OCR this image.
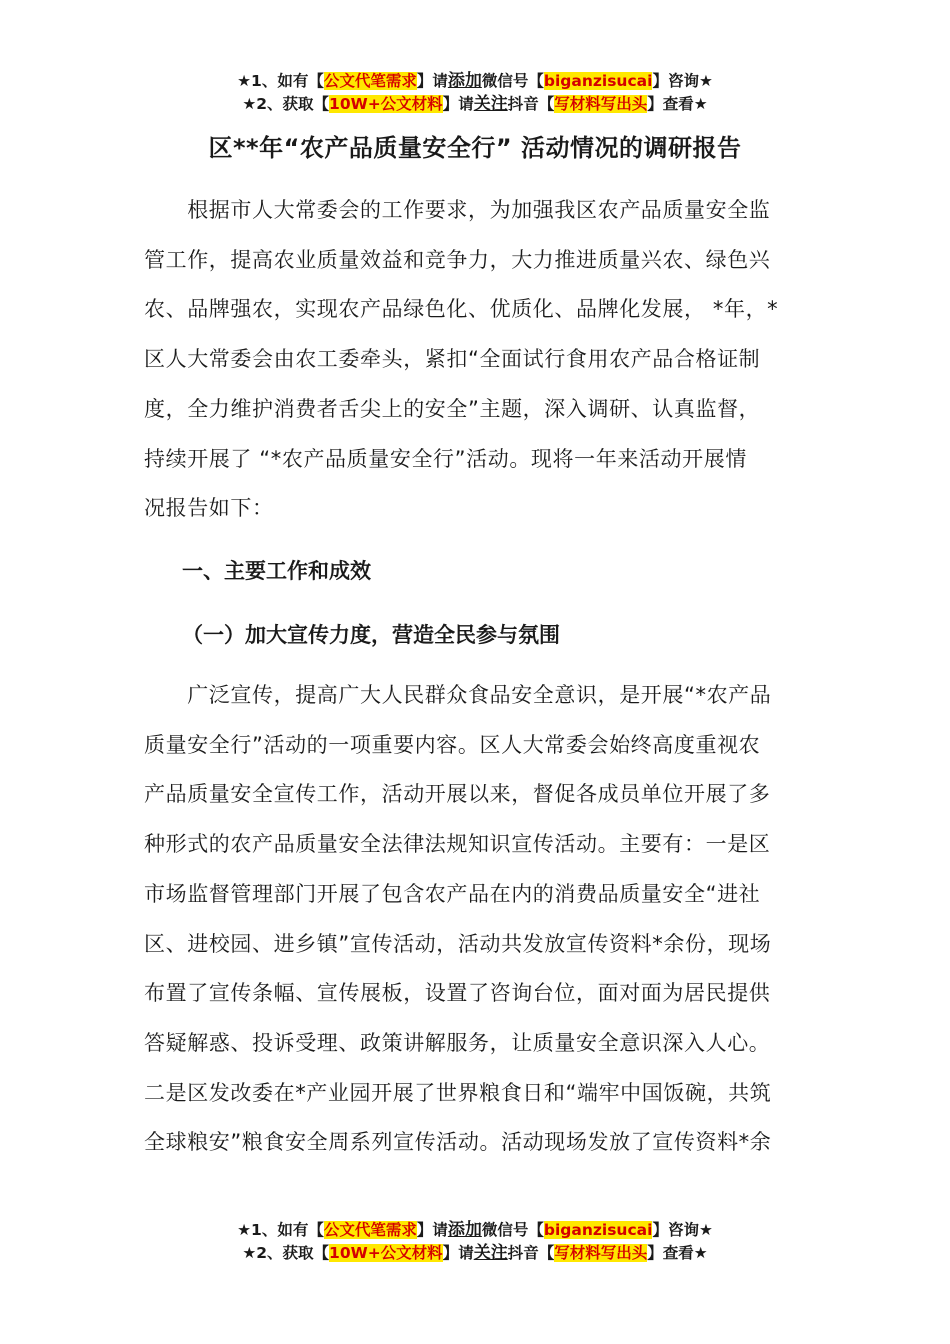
★1、如有【公文代笔需求】请添加微信号【biganzisucai】咨询★
★2、获取【10W+公文材料】请关注抖音【写材料写出头】查看★
区**年“农产品质量安全行” 活动情况的调研报告
　　根据市人大常委会的工作要求，为加强我区农产品质量安全监
管工作，提高农业质量效益和竞争力，大力推进质量兴农、绿色兴
农、品牌强农，实现农产品绿色化、优质化、品牌化发展， *年，*
区人大常委会由农工委牵头，紧扣“全面试行食用农产品合格证制
度，全力维护消费者舌尖上的安全”主题，深入调研、认真监督，
持续开展了 “*农产品质量安全行”活动。现将一年来活动开展情
况报告如下：
一、主要工作和成效
（一）加大宣传力度，营造全民参与氛围
　　广泛宣传，提高广大人民群众食品安全意识，是开展“*农产品
质量安全行”活动的一项重要内容。区人大常委会始终高度重视农
产品质量安全宣传工作，活动开展以来，督促各成员单位开展了多
种形式的农产品质量安全法律法规知识宣传活动。主要有：一是区
市场监督管理部门开展了包含农产品在内的消费品质量安全“进社
区、进校园、进乡镇”宣传活动，活动共发放宣传资料*余份，现场
布置了宣传条幅、宣传展板，设置了咨询台位，面对面为居民提供
答疑解惑、投诉受理、政策讲解服务，让质量安全意识深入人心。
二是区发改委在*产业园开展了世界粮食日和“端牢中国饭碗，共筑
全球粮安”粮食安全周系列宣传活动。活动现场发放了宣传资料*余
★1、如有【公文代笔需求】请添加微信号【biganzisucai】咨询★
★2、获取【10W+公文材料】请关注抖音【写材料写出头】查看★
